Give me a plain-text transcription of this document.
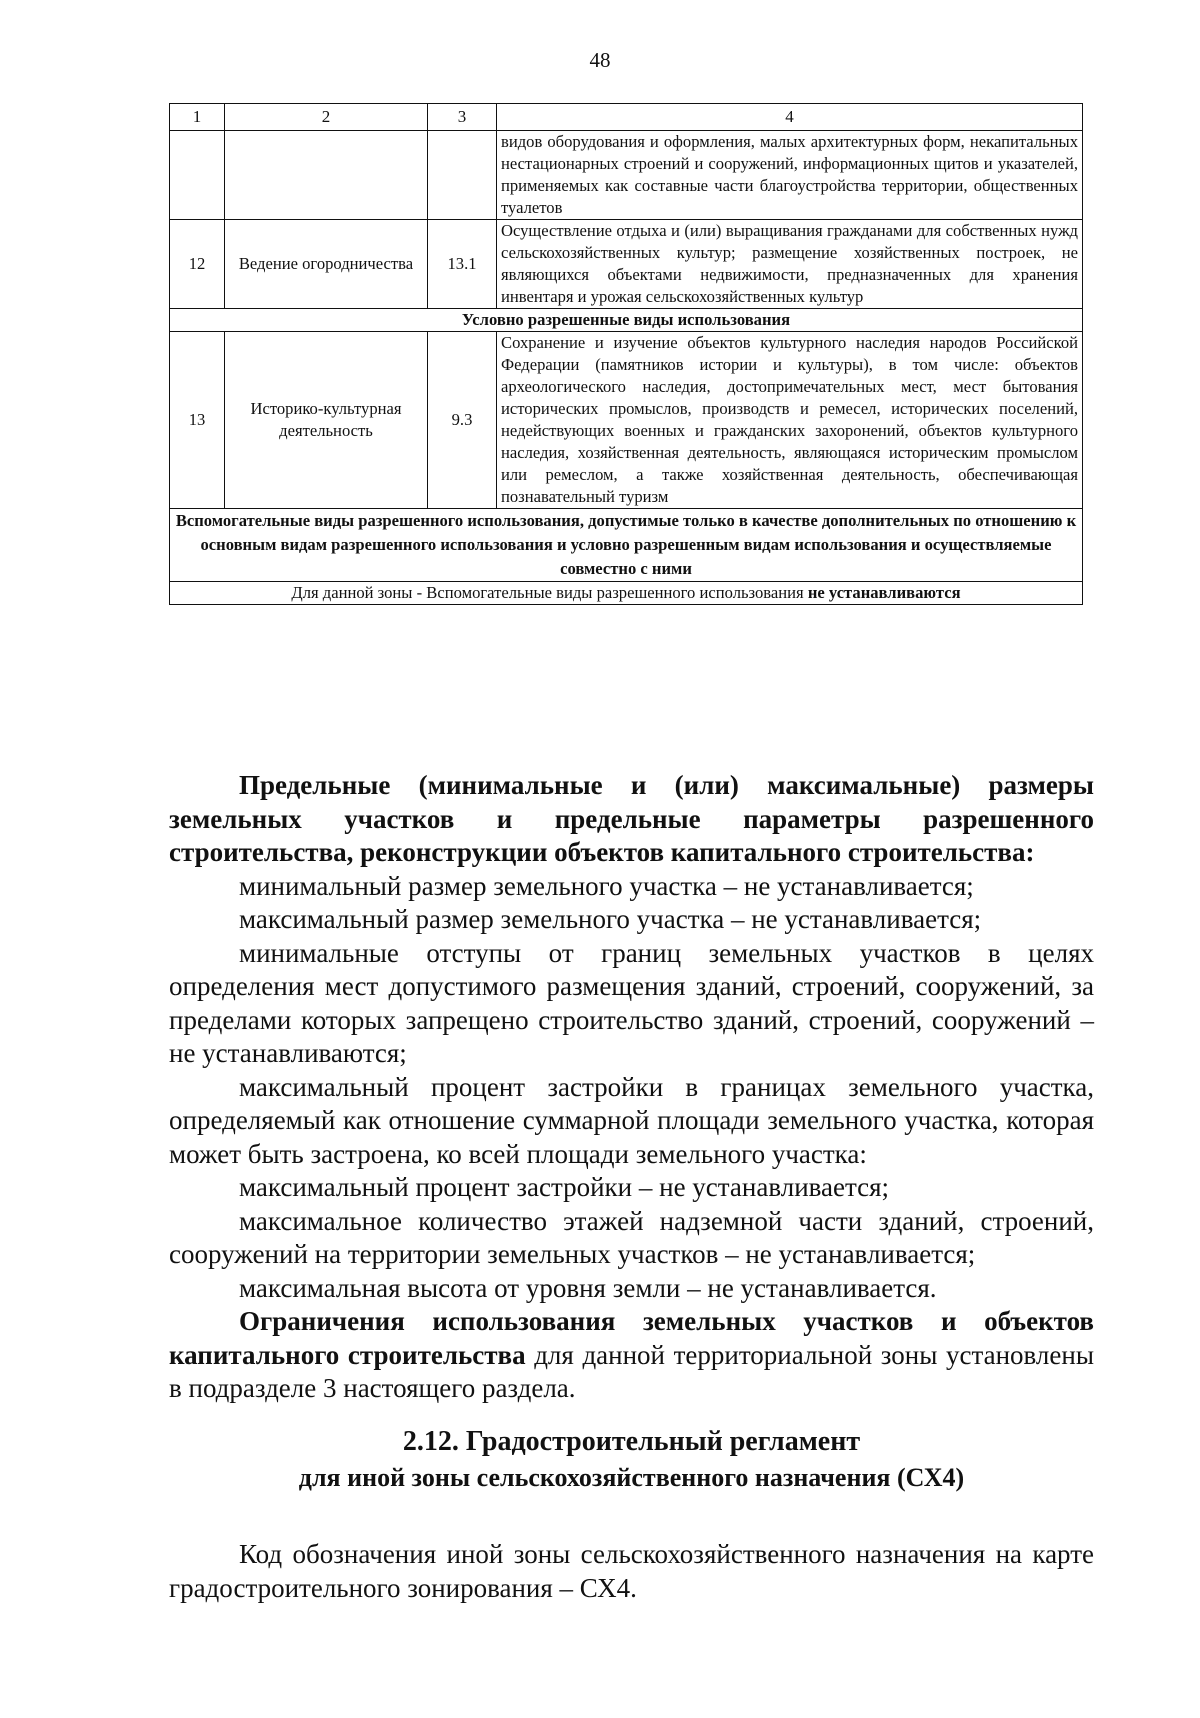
48
1	2	3	4
			видов оборудования и оформления, малых архитектурных форм, некапитальных нестационарных строений и сооружений, информационных щитов и указателей, применяемых как составные части благоустройства территории, общественных туалетов
12	Ведение огородничества	13.1	Осуществление отдыха и (или) выращивания гражданами для собственных нужд сельскохозяйственных культур; размещение хозяйственных построек, не являющихся объектами недвижимости, предназначенных для хранения инвентаря и урожая сельскохозяйственных культур
Условно разрешенные виды использования			
13	Историко-культурная деятельность	9.3	Сохранение и изучение объектов культурного наследия народов Российской Федерации (памятников истории и культуры), в том числе: объектов археологического наследия, достопримечательных мест, мест бытования исторических промыслов, производств и ремесел, исторических поселений, недействующих военных и гражданских захоронений, объектов культурного наследия, хозяйственная деятельность, являющаяся историческим промыслом или ремеслом, а также хозяйственная деятельность, обеспечивающая познавательный туризм
Вспомогательные виды разрешенного использования, допустимые только в качестве дополнительных по отношению к основным видам разрешенного использования и условно разрешенным видам использования и осуществляемые совместно с ними			
Для данной зоны - Вспомогательные виды разрешенного использования не устанавливаются			

Предельные (минимальные и (или) максимальные) размеры земельных участков и предельные параметры разрешенного строительства, реконструкции объектов капитального строительства:

минимальный размер земельного участка – не устанавливается;

максимальный размер земельного участка – не устанавливается;

минимальные отступы от границ земельных участков в целях определения мест допустимого размещения зданий, строений, сооружений, за пределами которых запрещено строительство зданий, строений, сооружений – не устанавливаются;

максимальный процент застройки в границах земельного участка, определяемый как отношение суммарной площади земельного участка, которая может быть застроена, ко всей площади земельного участка:

максимальный процент застройки – не устанавливается;

максимальное количество этажей надземной части зданий, строений, сооружений на территории земельных участков – не устанавливается;

максимальная высота от уровня земли – не устанавливается.

Ограничения использования земельных участков и объектов капитального строительства для данной территориальной зоны установлены в подразделе 3 настоящего раздела.

2.12. Градостроительный регламент
для иной зоны сельскохозяйственного назначения (СХ4)

Код обозначения иной зоны сельскохозяйственного назначения на карте градостроительного зонирования – СХ4.
